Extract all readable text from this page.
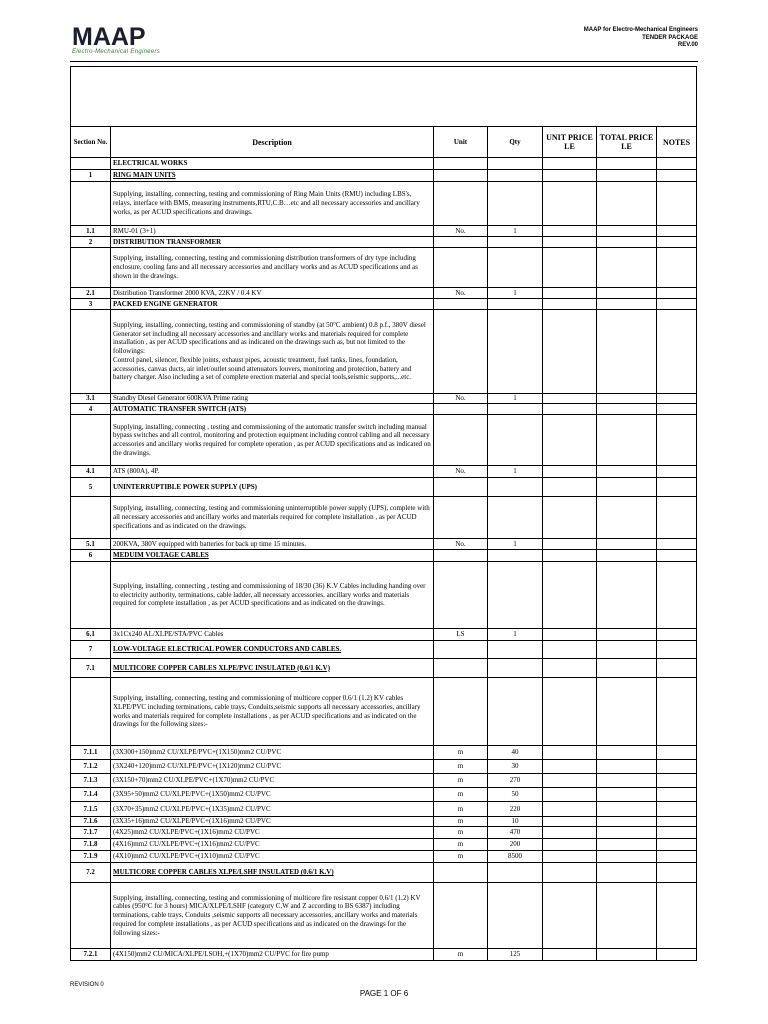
MAAP
Electro-Mechanical Engineers
MAAP for Electro-Mechanical Engineers
TENDER PACKAGE
REV.00

Section No.	Description	Unit	Qty	UNIT PRICE LE	TOTAL PRICE LE	NOTES
	ELECTRICAL WORKS					
1	RING MAIN UNITS					
	Supplying, installing, connecting, testing and commissioning of Ring Main Units (RMU) including LBS's, relays, interface with BMS, measuring instruments,RTU,C.B…etc and all necessary accessories and ancillary works, as per ACUD specifications and drawings.					
1.1	RMU-01 (3+1)	No.	1			
2	DISTRIBUTION TRANSFORMER					
	Supplying, installing, connecting, testing and commissioning distribution transformers of dry type including enclosure, cooling fans and all necessary accessories and ancillary works and as ACUD specifications and as shown in the drawings.					
2.1	Distribution Transformer 2000 KVA, 22KV / 0.4 KV	No.	1			
3	PACKED ENGINE GENERATOR					
	Supplying, installing, connecting, testing and commissioning of standby (at 50°C ambient) 0.8 p.f., 380V diesel Generator set including all necessary accessories and ancillary works and materials required for complete installation , as per ACUD specifications and as indicated on the drawings such as, but not limited to the followings:
Control panel, silencer, flexible joints, exhaust pipes, acoustic treatment, fuel tanks, lines, foundation, accessories, canvas ducts, air inlet/outlet sound attenuators louvers, monitoring and protection, battery and battery charger. Also including a set of complete erection material and special tools,seismic supports,...etc.					
3.1	Standby Diesel Generator 600KVA Prime rating	No.	1			
4	AUTOMATIC TRANSFER SWITCH (ATS)					
	Supplying, installing, connecting , testing and commissioning of the automatic transfer switch including manual bypass switches and all control, monitoring and protection equipment including control cabling and all necessary accessories and ancillary works required for complete operation , as per ACUD specifications and as indicated on the drawings.					
4.1	ATS (800A), 4P.	No.	1			
5	UNINTERRUPTIBLE POWER SUPPLY (UPS)					
	Supplying, installing, connecting, testing and commissioning uninterruptible power supply (UPS), complete with all necessary accessories and ancillary works and materials required for complete installation , as per ACUD specifications and as indicated on the drawings.					
5.1	200KVA, 380V equipped with batteries for back up time 15 minutes.	No.	1			
6	MEDUIM VOLTAGE CABLES					
	Supplying, installing, connecting , testing and commissioning of 18/30 (36) K.V Cables including handing over to electricity authority, terminations, cable ladder, all necessary accessories, ancillary works and materials required for complete installation , as per ACUD specifications and as indicated on the drawings.					
6.1	3x1Cx240 AL/XLPE/STA/PVC Cables	LS	1			
7	LOW-VOLTAGE ELECTRICAL POWER CONDUCTORS AND CABLES.					
7.1	MULTICORE COPPER CABLES XLPE/PVC INSULATED (0.6/1 K.V)					
	Supplying, installing, connecting, testing and commissioning of multicore copper 0.6/1 (1.2) KV cables XLPE/PVC including terminations, cable trays, Conduits,seismic supports all necessary accessories, ancillary works and materials required for complete installations , as per ACUD specifications and as indicated on the drawings for the following sizes:-					
7.1.1	(3X300+150)mm2 CU/XLPE/PVC+(1X150)mm2 CU/PVC	m	40			
7.1.2	(3X240+120)mm2 CU/XLPE/PVC+(1X120)mm2 CU/PVC	m	30			
7.1.3	(3X150+70)mm2 CU/XLPE/PVC+(1X70)mm2 CU/PVC	m	270			
7.1.4	(3X95+50)mm2 CU/XLPE/PVC+(1X50)mm2 CU/PVC	m	50			
7.1.5	(3X70+35)mm2 CU/XLPE/PVC+(1X35)mm2 CU/PVC	m	220			
7.1.6	(3X35+16)mm2 CU/XLPE/PVC+(1X16)mm2 CU/PVC	m	10			
7.1.7	(4X25)mm2 CU/XLPE/PVC+(1X16)mm2 CU/PVC	m	470			
7.1.8	(4X16)mm2 CU/XLPE/PVC+(1X16)mm2 CU/PVC	m	200			
7.1.9	(4X10)mm2 CU/XLPE/PVC+(1X10)mm2 CU/PVC	m	8500			
7.2	MULTICORE COPPER CABLES XLPE/LSHF INSULATED (0.6/1 K.V)					
	Supplying, installing, connecting, testing and commissioning of multicore fire resistant copper 0.6/1 (1.2) KV cables (950°C for 3 hours) MICA/XLPE/LSHF (category C,W and Z according to BS 6387) including terminations, cable trays, Conduits ,seismic supports all necessary accessories, ancillary works and materials required for complete installations , as per ACUD specifications and as indicated on the drawings for the following sizes:-					
7.2.1	(4X150)mm2 CU/MICA/XLPE/LSOH,+(1X70)mm2 CU/PVC for fire pump	m	125			
REVISION 0
PAGE 1 OF 6
